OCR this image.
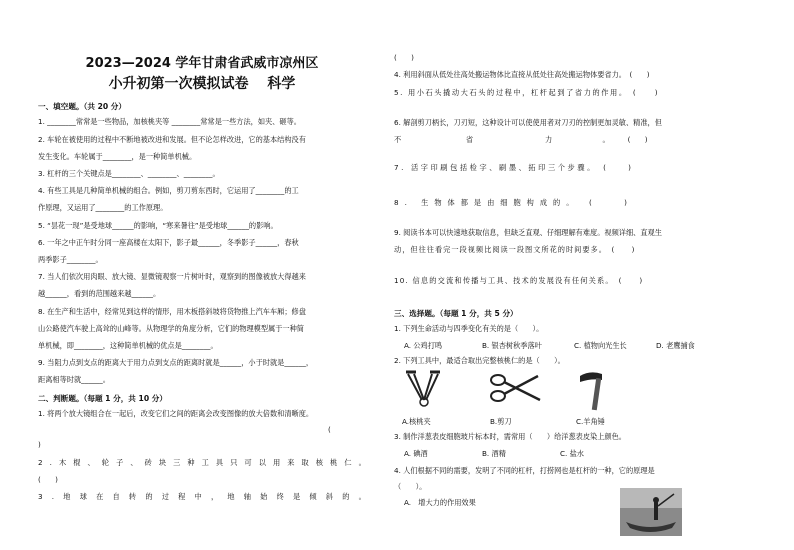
2023—2024 学年甘肃省武威市凉州区
小升初第一次模拟试卷　 科学
一、填空题。（共 20 分）
1. ________常常是一些物品，加核桃夹等 ________常常是一些方法，如夹、砸等。
2. 车轮在被使用的过程中不断地被改进和发展。但不论怎样改进，它的基本结构没有
发生变化。车轮属于________，是一种简单机械。
3. 杠杆的三个关键点是________、________、________。
4. 有些工具是几种简单机械的组合。例如，剪刀剪东西时，它运用了________的工
作原理，又运用了________的工作原理。
5. “昙花一现”是受地球______的影响，“寒来暑往”是受地球______的影响。
6. 一年之中正午时分同一座高楼在太阳下，影子最______，冬季影子______，春秋
两季影子________。
7. 当人们依次用肉眼、放大镜、显微镜观察一片树叶时，观察到的图像被放大得越来
越______，看到的范围越来越______。
8. 在生产和生活中，经常见到这样的情形，用木板搭斜坡将货物推上汽车车厢；修盘
山公路使汽车驶上高耸的山峰等。从物理学的角度分析，它们的物理模型属于一种简
单机械，即________，这种简单机械的优点是________。
9. 当阻力点到支点的距离大于用力点到支点的距离时就是______，小于时就是______，
距离相等时就______。
二、判断题。（每题 1 分，共 10 分）
1. 将两个放大镜组合在一起后，改变它们之间的距离会改变图像的放大倍数和清晰度。
(
)
2 . 木 棍 、 轮 子 、 砖 块 三 种 工 具 只 可 以 用 来 取 核 桃 仁 。
(　　)
3 . 地 球 在 自 转 的 过 程 中 ， 地 轴 始 终 是 倾 斜 的 。
(　　)
4. 利用斜面从低处往高处搬运物体比直接从低处往高处搬运物体要省力。　(　　)
5. 用小石头撬动大石头的过程中，杠杆起到了省力的作用。　(　　)
6. 解剖剪刀柄长，刀刃短，这种设计可以使使用者对刀刃的控制更加灵敏、精准，但
不　　　　　　　　　省　　　　　　　　　　力　　　　　　　。　　　(　　)
7. 活字印刷包括检字、刷墨、拓印三个步骤。　(　　)
8. 生物体都是由细胞构成的。　(　　)
9. 阅读书本可以快速地获取信息，但缺乏直观、仔细理解有难度。视频详细、直观生
动，但往往看完一段视频比阅读一段图文所花的时间要多。　(　　)
10. 信息的交流和传播与工具、技术的发展没有任何关系。　(　　)
三、选择题。（每题 1 分，共 5 分）
1. 下列生命活动与四季变化有关的是（　　）。
A. 公鸡打鸣	B. 银杏树秋季落叶	C. 植物向光生长	D. 老鹰捕食
2. 下列工具中，最适合取出完整核桃仁的是（　　）。
A.核桃夹	B.剪刀	C.羊角锤
3. 制作洋葱表皮细胞玻片标本时，需常用（　　）给洋葱表皮染上颜色。
A. 碘酒	B. 酒精	C. 盐水
4. 人们根据不同的需要，发明了不同的杠杆，打捞网也是杠杆的一种，它的原理是
（　　）。
A.　增大力的作用效果
